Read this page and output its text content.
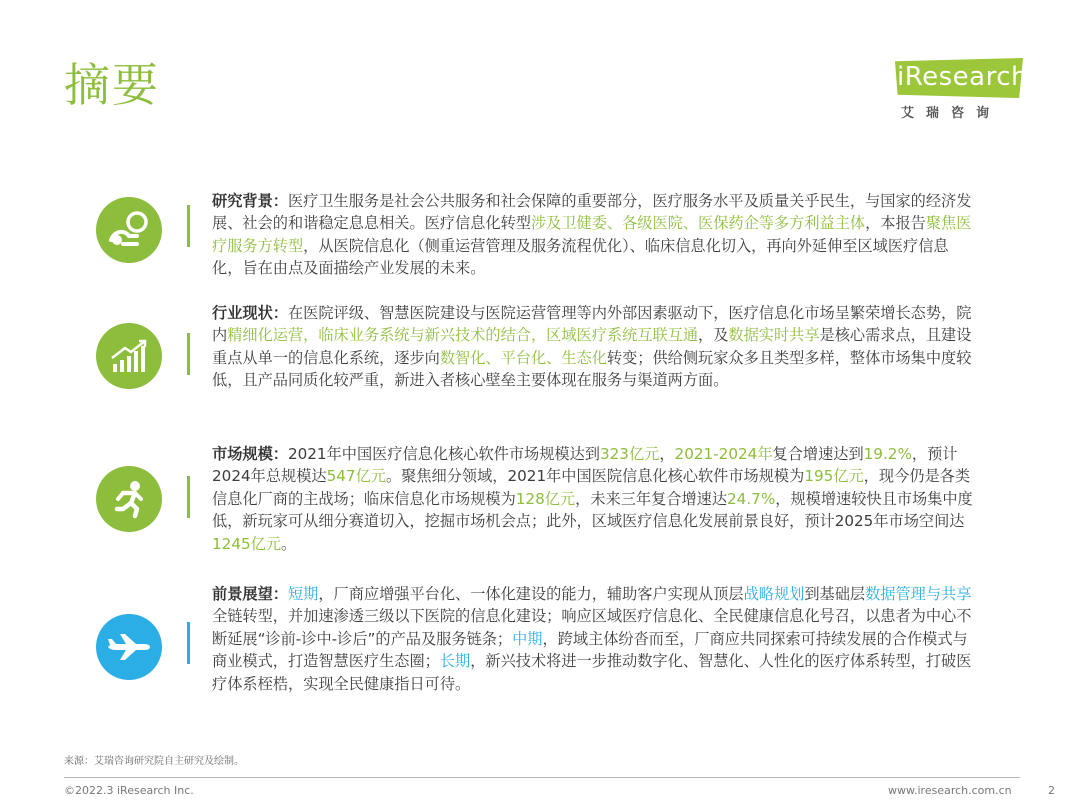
摘要	iResearch
艾瑞咨询
研究背景：医疗卫生服务是社会公共服务和社会保障的重要部分，医疗服务水平及质量关乎民生，与国家的经济发展、社会的和谐稳定息息相关。医疗信息化转型涉及卫健委、各级医院、医保药企等多方利益主体，本报告聚焦医疗服务方转型，从医院信息化（侧重运营管理及服务流程优化）、临床信息化切入，再向外延伸至区域医疗信息化，旨在由点及面描绘产业发展的未来。
行业现状：在医院评级、智慧医院建设与医院运营管理等内外部因素驱动下，医疗信息化市场呈繁荣增长态势，院内精细化运营，临床业务系统与新兴技术的结合，区域医疗系统互联互通，及数据实时共享是核心需求点，且建设重点从单一的信息化系统，逐步向数智化、平台化、生态化转变；供给侧玩家众多且类型多样，整体市场集中度较低，且产品同质化较严重，新进入者核心壁垒主要体现在服务与渠道两方面。
市场规模：2021年中国医疗信息化核心软件市场规模达到323亿元，2021-2024年复合增速达到19.2%，预计2024年总规模达547亿元。聚焦细分领域，2021年中国医院信息化核心软件市场规模为195亿元，现今仍是各类信息化厂商的主战场；临床信息化市场规模为128亿元，未来三年复合增速达24.7%，规模增速较快且市场集中度低，新玩家可从细分赛道切入，挖掘市场机会点；此外，区域医疗信息化发展前景良好，预计2025年市场空间达1245亿元。
前景展望：短期，厂商应增强平台化、一体化建设的能力，辅助客户实现从顶层战略规划到基础层数据管理与共享全链转型，并加速渗透三级以下医院的信息化建设；响应区域医疗信息化、全民健康信息化号召，以患者为中心不断延展“诊前-诊中-诊后”的产品及服务链条；中期，跨域主体纷沓而至，厂商应共同探索可持续发展的合作模式与商业模式，打造智慧医疗生态圈；长期，新兴技术将进一步推动数字化、智慧化、人性化的医疗体系转型，打破医疗体系桎梏，实现全民健康指日可待。
来源：艾瑞咨询研究院自主研究及绘制。
©2022.3 iResearch Inc.	www.iresearch.com.cn	2
